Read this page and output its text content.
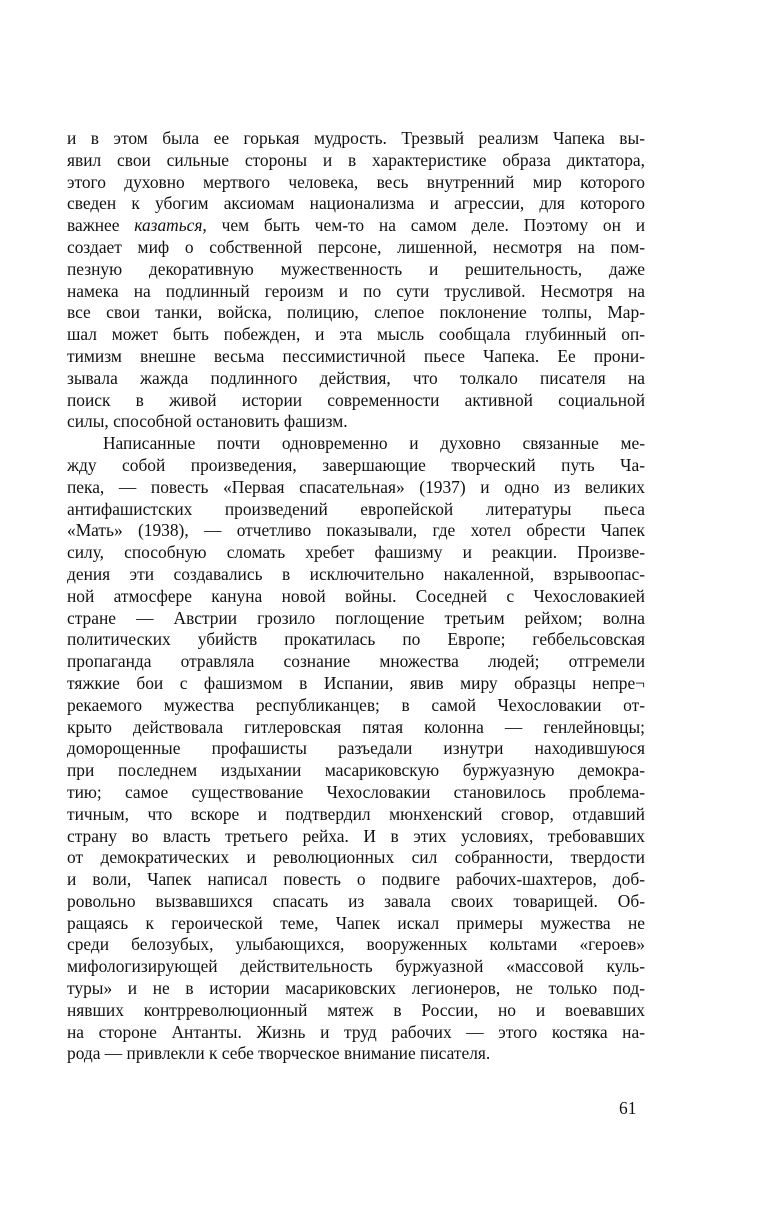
и в этом была ее горькая мудрость. Трезвый реализм Чапека вы-
явил свои сильные стороны и в характеристике образа диктатора,
этого духовно мертвого человека, весь внутренний мир которого
сведен к убогим аксиомам национализма и агрессии, для которого
важнее казаться, чем быть чем-то на самом деле. Поэтому он и
создает миф о собственной персоне, лишенной, несмотря на пом-
пезную декоративную мужественность и решительность, даже
намека на подлинный героизм и по сути трусливой. Несмотря на
все свои танки, войска, полицию, слепое поклонение толпы, Мар-
шал может быть побежден, и эта мысль сообщала глубинный оп-
тимизм внешне весьма пессимистичной пьесе Чапека. Ее прони-
зывала жажда подлинного действия, что толкало писателя на
поиск в живой истории современности активной социальной
силы, способной остановить фашизм.
Написанные почти одновременно и духовно связанные ме-
жду собой произведения, завершающие творческий путь Ча-
пека, — повесть «Первая спасательная» (1937) и одно из великих
антифашистских произведений европейской литературы пьеса
«Мать» (1938), — отчетливо показывали, где хотел обрести Чапек
силу, способную сломать хребет фашизму и реакции. Произве-
дения эти создавались в исключительно накаленной, взрывоопас-
ной атмосфере кануна новой войны. Соседней с Чехословакией
стране — Австрии грозило поглощение третьим рейхом; волна
политических убийств прокатилась по Европе; геббельсовская
пропаганда отравляла сознание множества людей; отгремели
тяжкие бои с фашизмом в Испании, явив миру образцы непре¬
рекаемого мужества республиканцев; в самой Чехословакии от-
крыто действовала гитлеровская пятая колонна — генлейновцы;
доморощенные профашисты разъедали изнутри находившуюся
при последнем издыхании масариковскую буржуазную демокра-
тию; самое существование Чехословакии становилось проблема-
тичным, что вскоре и подтвердил мюнхенский сговор, отдавший
страну во власть третьего рейха. И в этих условиях, требовавших
от демократических и революционных сил собранности, твердости
и воли, Чапек написал повесть о подвиге рабочих-шахтеров, доб-
ровольно вызвавшихся спасать из завала своих товарищей. Об-
ращаясь к героической теме, Чапек искал примеры мужества не
среди белозубых, улыбающихся, вооруженных кольтами «героев»
мифологизирующей действительность буржуазной «массовой куль-
туры» и не в истории масариковских легионеров, не только под-
нявших контрреволюционный мятеж в России, но и воевавших
на стороне Антанты. Жизнь и труд рабочих — этого костяка на-
рода — привлекли к себе творческое внимание писателя.
61
